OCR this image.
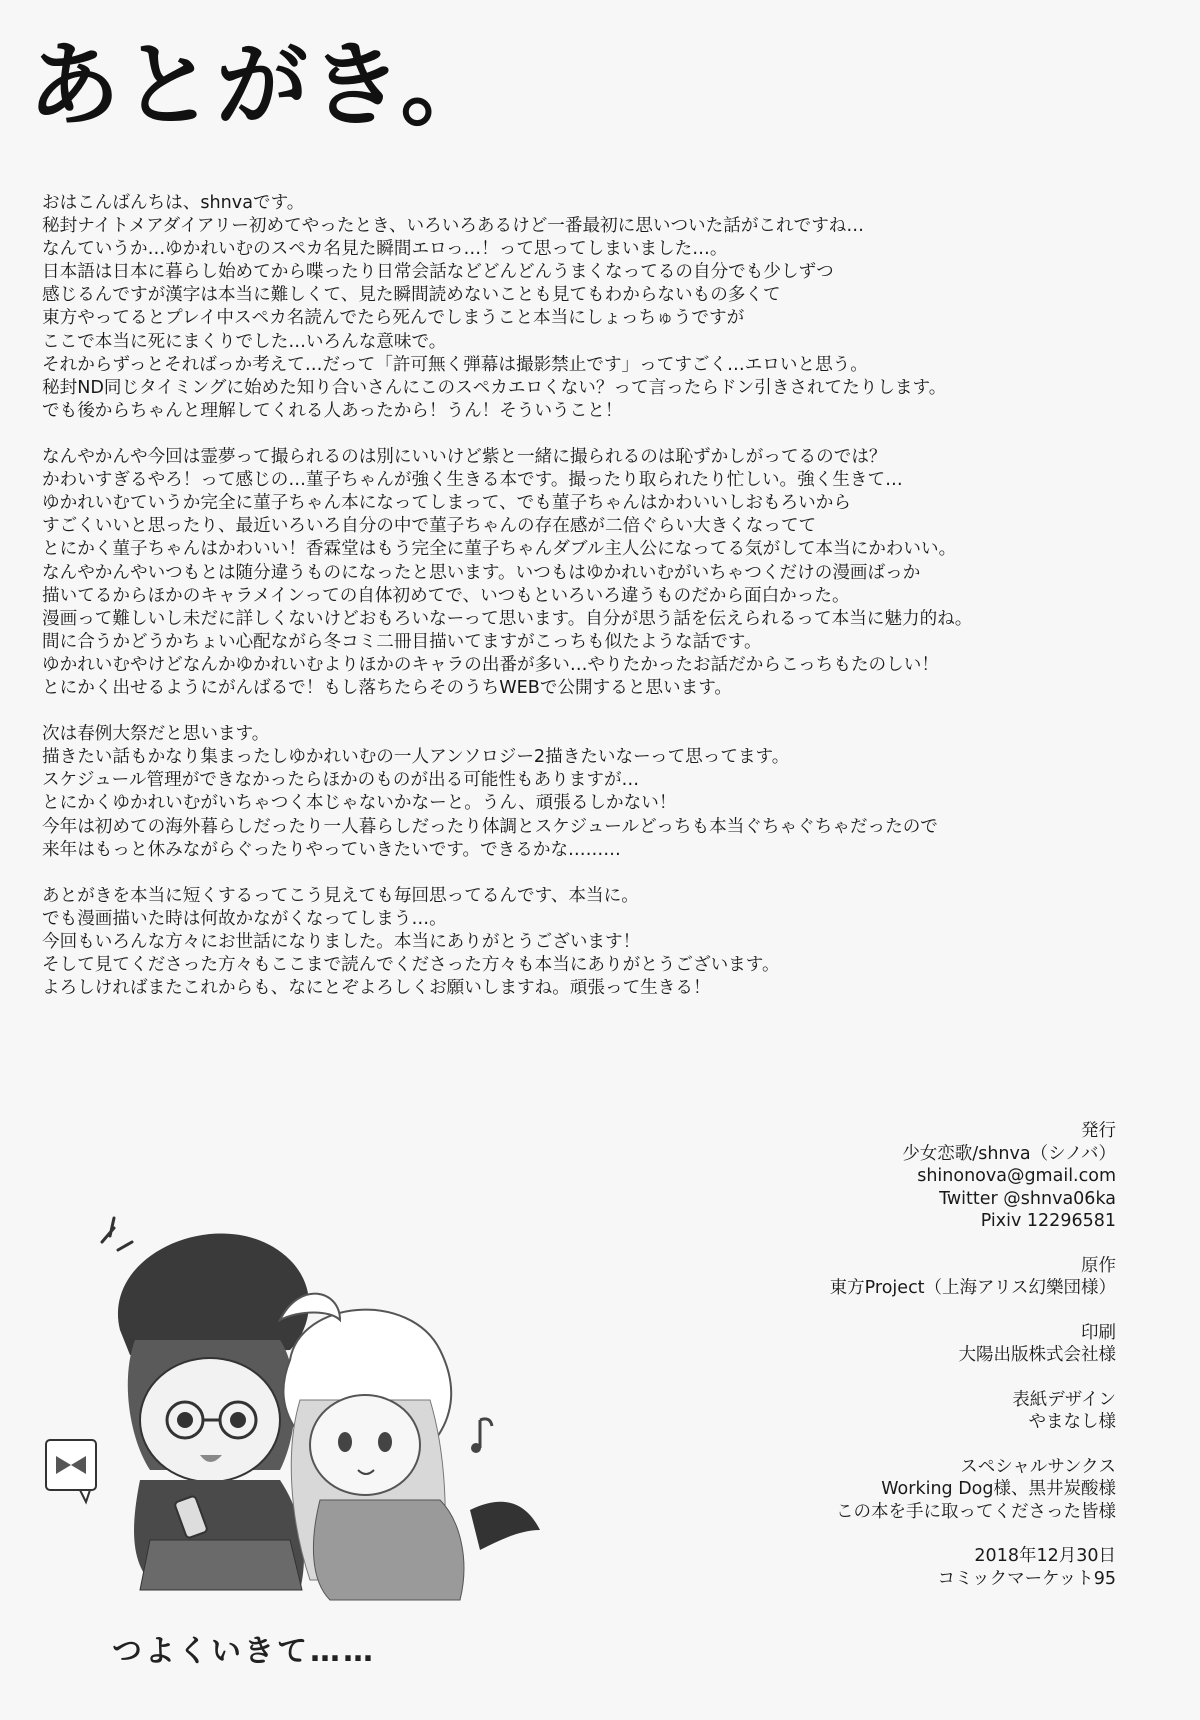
あとがき。
おはこんばんちは、shnvaです。
秘封ナイトメアダイアリー初めてやったとき、いろいろあるけど一番最初に思いついた話がこれですね…
なんていうか…ゆかれいむのスペカ名見た瞬間エロっ…！って思ってしまいました…。
日本語は日本に暮らし始めてから喋ったり日常会話などどんどんうまくなってるの自分でも少しずつ
感じるんですが漢字は本当に難しくて、見た瞬間読めないことも見てもわからないもの多くて
東方やってるとプレイ中スペカ名読んでたら死んでしまうこと本当にしょっちゅうですが
ここで本当に死にまくりでした…いろんな意味で。
それからずっとそればっか考えて…だって「許可無く弾幕は撮影禁止です」ってすごく…エロいと思う。
秘封ND同じタイミングに始めた知り合いさんにこのスペカエロくない？って言ったらドン引きされてたりします。
でも後からちゃんと理解してくれる人あったから！うん！そういうこと！
なんやかんや今回は霊夢って撮られるのは別にいいけど紫と一緒に撮られるのは恥ずかしがってるのでは？
かわいすぎるやろ！って感じの…菫子ちゃんが強く生きる本です。撮ったり取られたり忙しい。強く生きて…
ゆかれいむていうか完全に菫子ちゃん本になってしまって、でも菫子ちゃんはかわいいしおもろいから
すごくいいと思ったり、最近いろいろ自分の中で菫子ちゃんの存在感が二倍ぐらい大きくなってて
とにかく菫子ちゃんはかわいい！香霖堂はもう完全に菫子ちゃんダブル主人公になってる気がして本当にかわいい。
なんやかんやいつもとは随分違うものになったと思います。いつもはゆかれいむがいちゃつくだけの漫画ばっか
描いてるからほかのキャラメインっての自体初めてで、いつもといろいろ違うものだから面白かった。
漫画って難しいし未だに詳しくないけどおもろいなーって思います。自分が思う話を伝えられるって本当に魅力的ね。
間に合うかどうかちょい心配ながら冬コミ二冊目描いてますがこっちも似たような話です。
ゆかれいむやけどなんかゆかれいむよりほかのキャラの出番が多い…やりたかったお話だからこっちもたのしい！
とにかく出せるようにがんばるで！もし落ちたらそのうちWEBで公開すると思います。
次は春例大祭だと思います。
描きたい話もかなり集まったしゆかれいむの一人アンソロジー2描きたいなーって思ってます。
スケジュール管理ができなかったらほかのものが出る可能性もありますが…
とにかくゆかれいむがいちゃつく本じゃないかなーと。うん、頑張るしかない！
今年は初めての海外暮らしだったり一人暮らしだったり体調とスケジュールどっちも本当ぐちゃぐちゃだったので
来年はもっと休みながらぐったりやっていきたいです。できるかな………
あとがきを本当に短くするってこう見えても毎回思ってるんです、本当に。
でも漫画描いた時は何故かながくなってしまう…。
今回もいろんな方々にお世話になりました。本当にありがとうございます！
そして見てくださった方々もここまで読んでくださった方々も本当にありがとうございます。
よろしければまたこれからも、なにとぞよろしくお願いしますね。頑張って生きる！
発行
少女恋歌/shnva（シノバ）
shinonova@gmail.com
Twitter @shnva06ka
Pixiv 12296581
原作
東方Project（上海アリス幻樂団様）
印刷
大陽出版株式会社様
表紙デザイン
やまなし様
スペシャルサンクス
Working Dog様、黒井炭酸様
この本を手に取ってくださった皆様
2018年12月30日
コミックマーケット95
つよくいきて……
